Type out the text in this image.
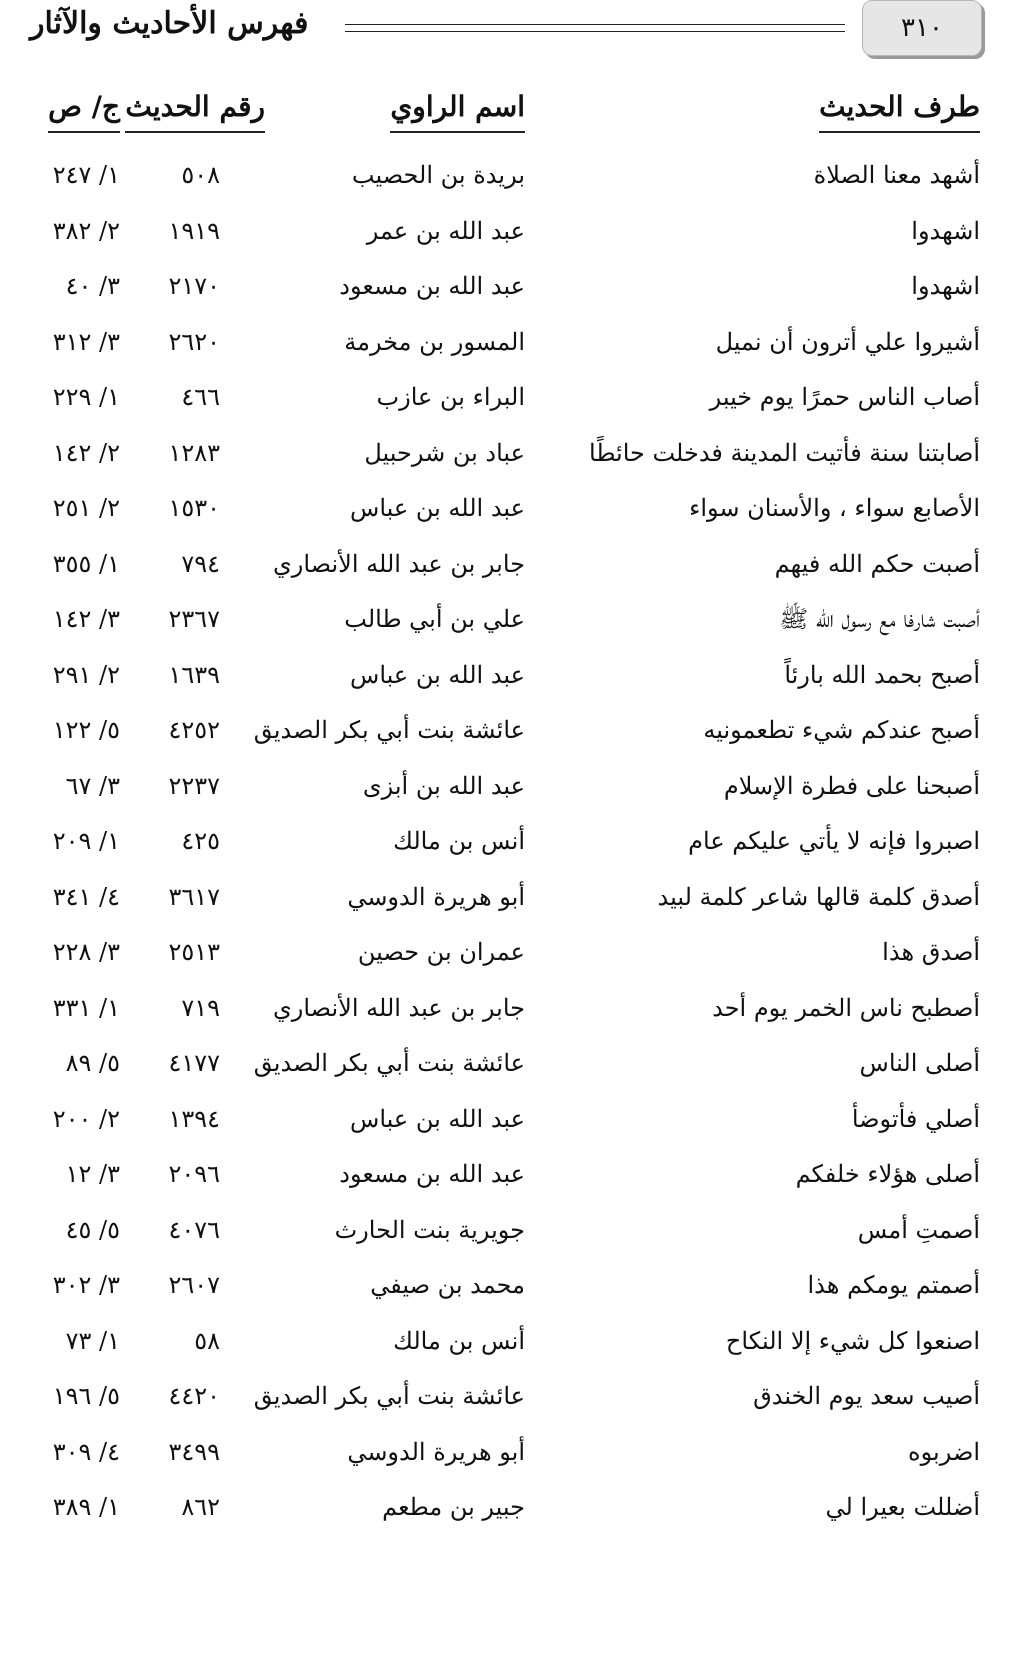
٣١٠
فهرس الأحاديث والآثار
طرف الحديث
اسم الراوي
رقم الحديث
ج/ ص
أشهد معنا الصلاة
بريدة بن الحصيب
٥٠٨
١/ ٢٤٧
اشهدوا
عبد الله بن عمر
١٩١٩
٢/ ٣٨٢
اشهدوا
عبد الله بن مسعود
٢١٧٠
٣/ ٤٠
أشيروا علي أترون أن نميل
المسور بن مخرمة
٢٦٢٠
٣/ ٣١٢
أصاب الناس حمرًا يوم خيبر
البراء بن عازب
٤٦٦
١/ ٢٢٩
أصابتنا سنة فأتيت المدينة فدخلت حائطًا
عباد بن شرحبيل
١٢٨٣
٢/ ١٤٢
الأصابع سواء ، والأسنان سواء
عبد الله بن عباس
١٥٣٠
٢/ ٢٥١
أصبت حكم الله فيهم
جابر بن عبد الله الأنصاري
٧٩٤
١/ ٣٥٥
أصبت شارفا مع رسول الله ﷺ
علي بن أبي طالب
٢٣٦٧
٣/ ١٤٢
أصبح بحمد الله بارئاً
عبد الله بن عباس
١٦٣٩
٢/ ٢٩١
أصبح عندكم شيء تطعمونيه
عائشة بنت أبي بكر الصديق
٤٢٥٢
٥/ ١٢٢
أصبحنا على فطرة الإسلام
عبد الله بن أبزى
٢٢٣٧
٣/ ٦٧
اصبروا فإنه لا يأتي عليكم عام
أنس بن مالك
٤٢٥
١/ ٢٠٩
أصدق كلمة قالها شاعر كلمة لبيد
أبو هريرة الدوسي
٣٦١٧
٤/ ٣٤١
أصدق هذا
عمران بن حصين
٢٥١٣
٣/ ٢٢٨
أصطبح ناس الخمر يوم أحد
جابر بن عبد الله الأنصاري
٧١٩
١/ ٣٣١
أصلى الناس
عائشة بنت أبي بكر الصديق
٤١٧٧
٥/ ٨٩
أصلي فأتوضأ
عبد الله بن عباس
١٣٩٤
٢/ ٢٠٠
أصلى هؤلاء خلفكم
عبد الله بن مسعود
٢٠٩٦
٣/ ١٢
أصمتِ أمس
جويرية بنت الحارث
٤٠٧٦
٥/ ٤٥
أصمتم يومكم هذا
محمد بن صيفي
٢٦٠٧
٣/ ٣٠٢
اصنعوا كل شيء إلا النكاح
أنس بن مالك
٥٨
١/ ٧٣
أصيب سعد يوم الخندق
عائشة بنت أبي بكر الصديق
٤٤٢٠
٥/ ١٩٦
اضربوه
أبو هريرة الدوسي
٣٤٩٩
٤/ ٣٠٩
أضللت بعيرا لي
جبير بن مطعم
٨٦٢
١/ ٣٨٩
